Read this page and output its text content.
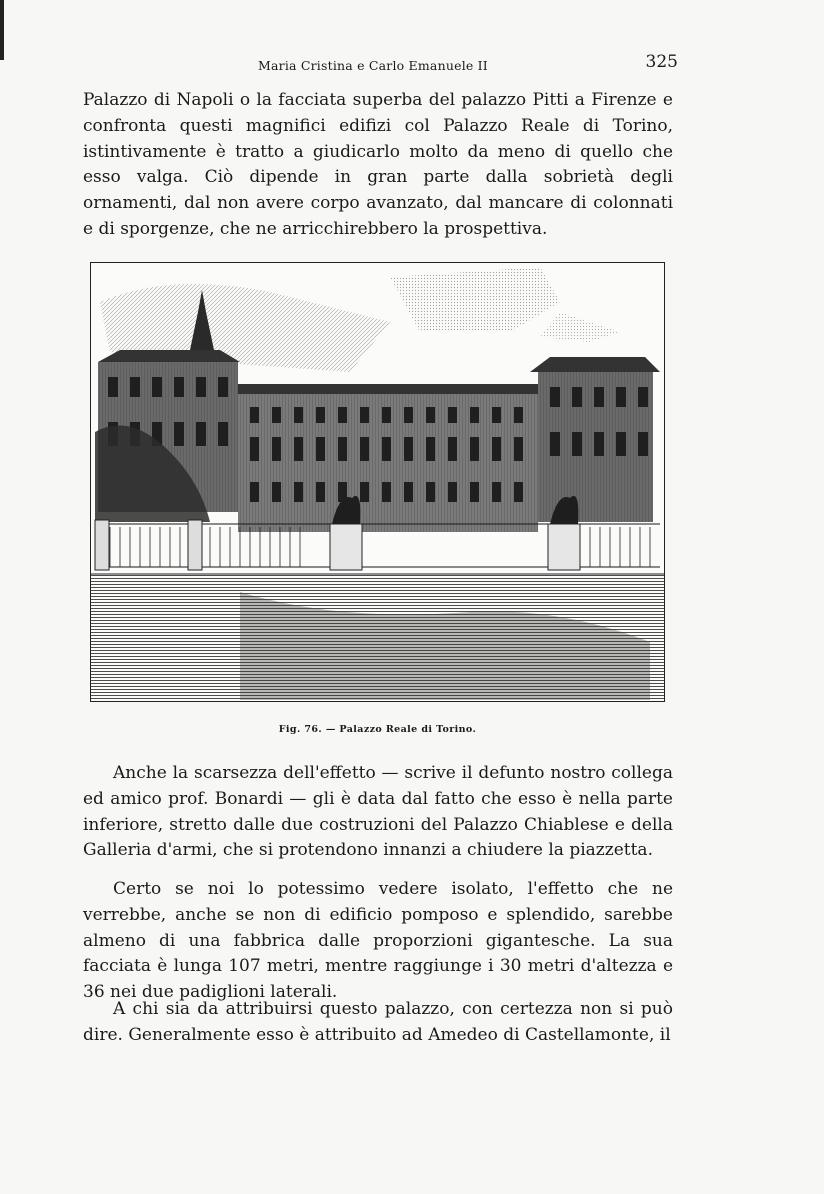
Maria Cristina e Carlo Emanuele II	325

Palazzo di Napoli o la facciata superba del palazzo Pitti a Firenze e confronta questi magnifici edifizi col Palazzo Reale di Torino, istintivamente è tratto a giudicarlo molto da meno di quello che esso valga. Ciò dipende in gran parte dalla sobrietà degli ornamenti, dal non avere corpo avanzato, dal mancare di colonnati e di sporgenze, che ne arricchirebbero la prospettiva.

Fig. 76. — Palazzo Reale di Torino.

Anche la scarsezza dell'effetto — scrive il defunto nostro collega ed amico prof. Bonardi — gli è data dal fatto che esso è nella parte inferiore, stretto dalle due costruzioni del Palazzo Chiablese e della Galleria d'armi, che si protendono innanzi a chiudere la piazzetta.

Certo se noi lo potessimo vedere isolato, l'effetto che ne verrebbe, anche se non di edificio pomposo e splendido, sarebbe almeno di una fabbrica dalle proporzioni gigantesche. La sua facciata è lunga 107 metri, mentre raggiunge i 30 metri d'altezza e 36 nei due padiglioni laterali.

A chi sia da attribuirsi questo palazzo, con certezza non si può dire. Generalmente esso è attribuito ad Amedeo di Castellamonte, il
